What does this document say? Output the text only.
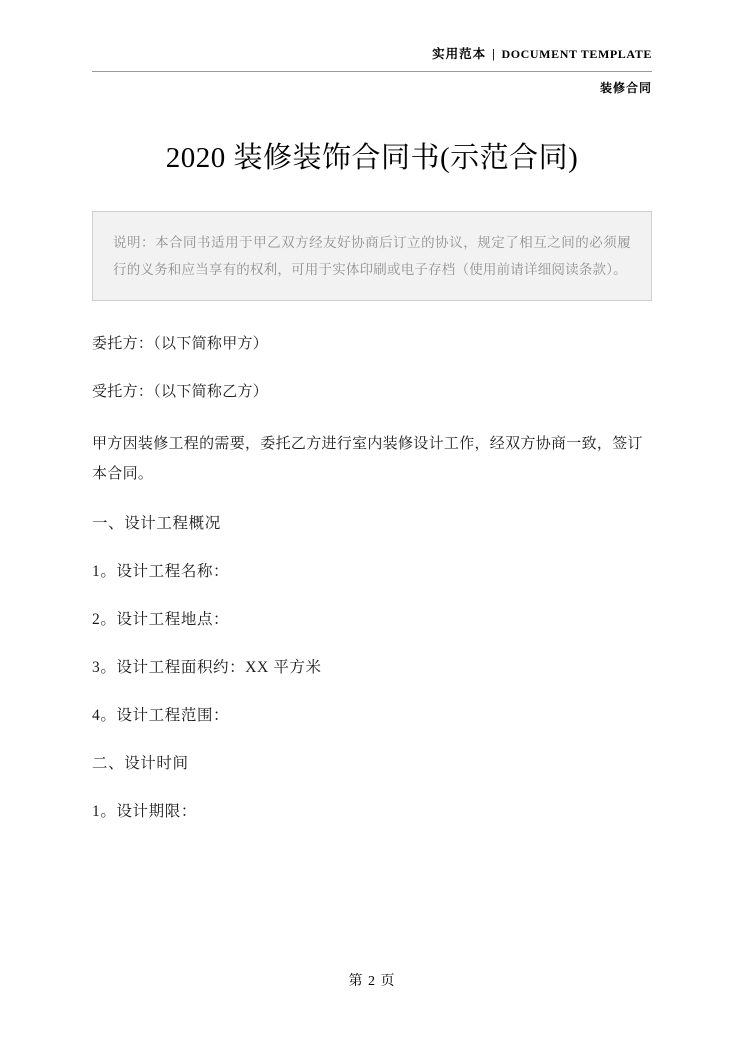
实用范本 | DOCUMENT TEMPLATE
装修合同
2020 装修装饰合同书(示范合同)
说明：本合同书适用于甲乙双方经友好协商后订立的协议，规定了相互之间的必须履行的义务和应当享有的权利，可用于实体印刷或电子存档（使用前请详细阅读条款）。

委托方：（以下简称甲方）

受托方：（以下简称乙方）

甲方因装修工程的需要，委托乙方进行室内装修设计工作，经双方协商一致，签订本合同。

一、设计工程概况

1。设计工程名称：

2。设计工程地点：

3。设计工程面积约：XX 平方米

4。设计工程范围：

二、设计时间

1。设计期限：

第 2 页
